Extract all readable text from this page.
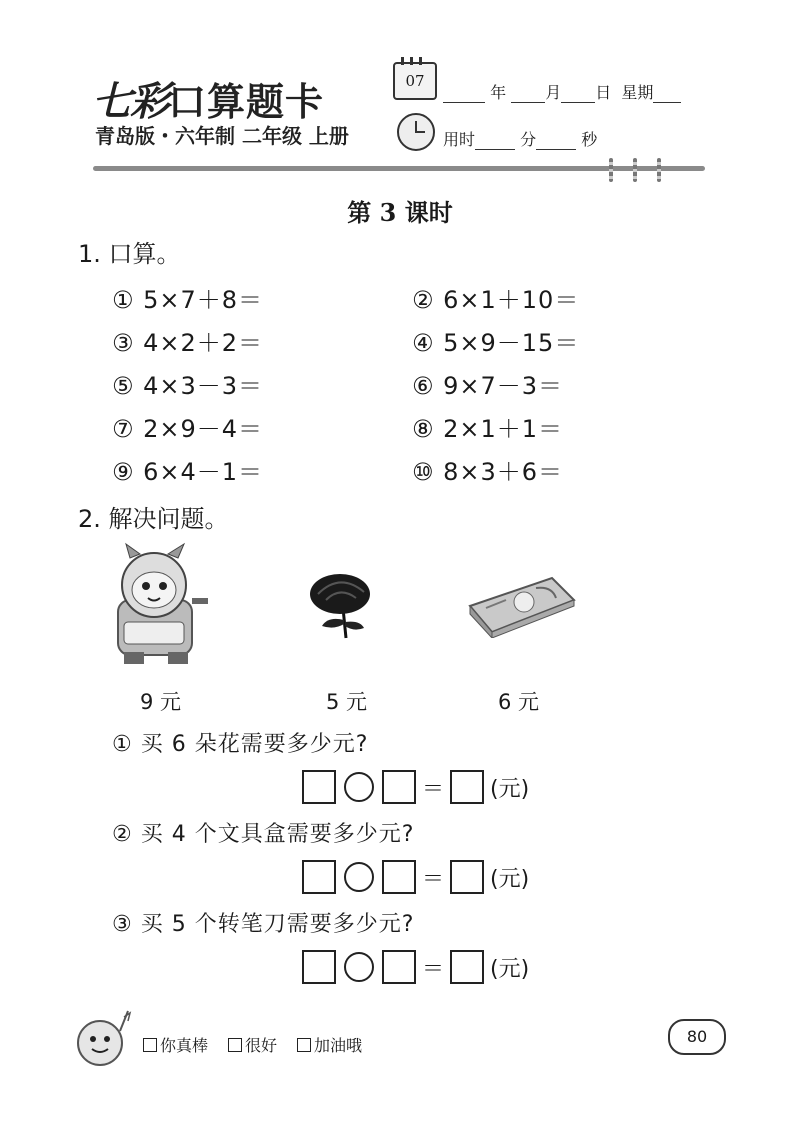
七彩口算题卡
青岛版・六年制 二年级 上册
07
年 月 日 星期
用时	分	秒
第 3 课时
1. 口算。
① 5×7＋8＝	② 6×1＋10＝
③ 4×2＋2＝	④ 5×9－15＝
⑤ 4×3－3＝	⑥ 9×7－3＝
⑦ 2×9－4＝	⑧ 2×1＋1＝
⑨ 6×4－1＝	⑩ 8×3＋6＝
2. 解决问题。
9 元	5 元	6 元
① 买 6 朵花需要多少元?
＝ (元)
② 买 4 个文具盒需要多少元?
＝ (元)
③ 买 5 个转笔刀需要多少元?
＝ (元)
你真棒 很好 加油哦	80
